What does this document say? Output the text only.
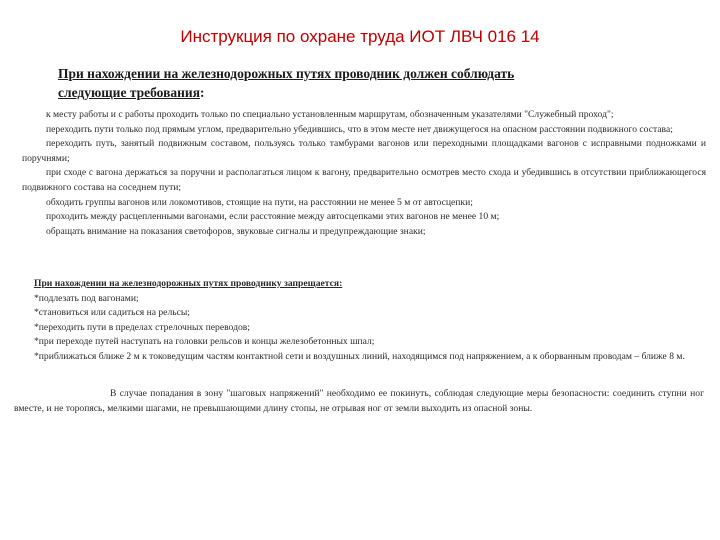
Инструкция по охране труда ИОТ ЛВЧ 016 14
При нахождении на железнодорожных путях проводник должен соблюдать
следующие требования:

к месту работы и с работы проходить только по специально установленным маршрутам, обозначенным указателями "Служебный проход";

переходить пути только под прямым углом, предварительно убедившись, что в этом месте нет движущегося на опасном расстоянии подвижного состава;

переходить путь, занятый подвижным составом, пользуясь только тамбурами вагонов или переходными площадками вагонов с исправными подножками и поручнями;

при сходе с вагона держаться за поручни и располагаться лицом к вагону, предварительно осмотрев место схода и убедившись в отсутствии приближающегося подвижного состава на соседнем пути;

обходить группы вагонов или локомотивов, стоящие на пути, на расстоянии не менее 5 м от автосцепки;

проходить между расцепленными вагонами, если расстояние между автосцепками этих вагонов не менее 10 м;

обращать внимание на показания светофоров, звуковые сигналы и предупреждающие знаки;

При нахождении на железнодорожных путях проводнику запрещается:

*подлезать под вагонами;

*становиться или садиться на рельсы;

*переходить пути в пределах стрелочных переводов;

*при переходе путей наступать на головки рельсов и концы железобетонных шпал;

*приближаться ближе 2 м к токоведущим частям контактной сети и воздушных линий, находящимся под напряжением, а к оборванным проводам – ближе 8 м.

В случае попадания в зону "шаговых напряжений" необходимо ее покинуть, соблюдая следующие меры безопасности: соединить ступни ног вместе, и не торопясь, мелкими шагами, не превышающими длину стопы, не отрывая ног от земли выходить из опасной зоны.
